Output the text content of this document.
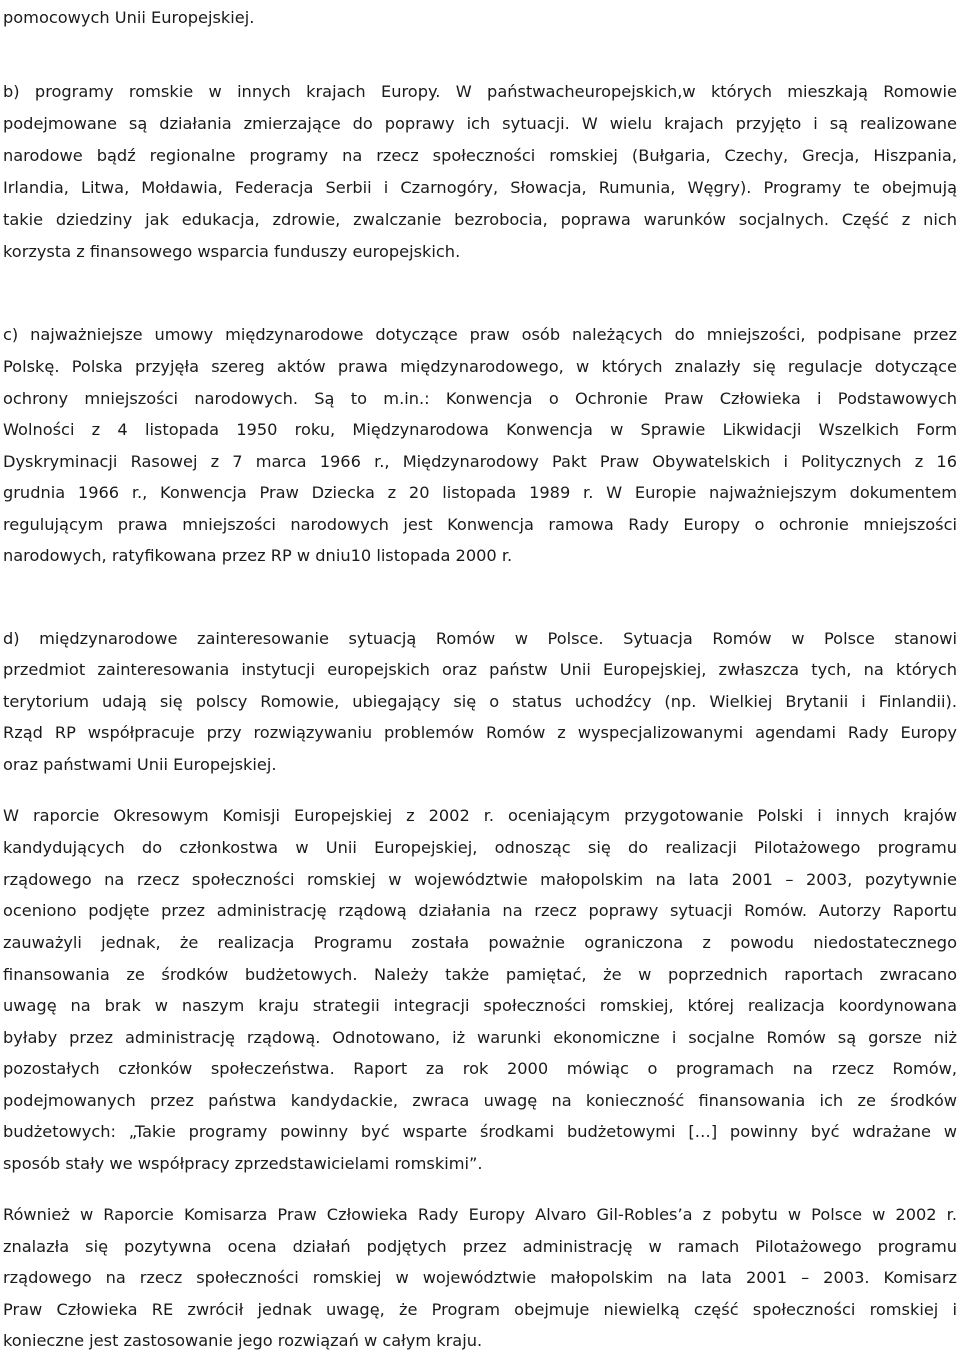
pomocowych Unii Europejskiej.
b) programy romskie w innych krajach Europy. W państwacheuropejskich,w których mieszkają Romowie
podejmowane są działania zmierzające do poprawy ich sytuacji. W wielu krajach przyjęto i są realizowane
narodowe bądź regionalne programy na rzecz społeczności romskiej (Bułgaria, Czechy, Grecja, Hiszpania,
Irlandia, Litwa, Mołdawia, Federacja Serbii i Czarnogóry, Słowacja, Rumunia, Węgry). Programy te obejmują
takie dziedziny jak edukacja, zdrowie, zwalczanie bezrobocia, poprawa warunków socjalnych. Część z nich
korzysta z finansowego wsparcia funduszy europejskich.
c) najważniejsze umowy międzynarodowe dotyczące praw osób należących do mniejszości, podpisane przez
Polskę. Polska przyjęła szereg aktów prawa międzynarodowego, w których znalazły się regulacje dotyczące
ochrony mniejszości narodowych. Są to m.in.: Konwencja o Ochronie Praw Człowieka i Podstawowych
Wolności z 4 listopada 1950 roku, Międzynarodowa Konwencja w Sprawie Likwidacji Wszelkich Form
Dyskryminacji Rasowej z 7 marca 1966 r., Międzynarodowy Pakt Praw Obywatelskich i Politycznych z 16
grudnia 1966 r., Konwencja Praw Dziecka z 20 listopada 1989 r. W Europie najważniejszym dokumentem
regulującym prawa mniejszości narodowych jest Konwencja ramowa Rady Europy o ochronie mniejszości
narodowych, ratyfikowana przez RP w dniu10 listopada 2000 r.
d) międzynarodowe zainteresowanie sytuacją Romów w Polsce. Sytuacja Romów w Polsce stanowi
przedmiot zainteresowania instytucji europejskich oraz państw Unii Europejskiej, zwłaszcza tych, na których
terytorium udają się polscy Romowie, ubiegający się o status uchodźcy (np. Wielkiej Brytanii i Finlandii).
Rząd RP współpracuje przy rozwiązywaniu problemów Romów z wyspecjalizowanymi agendami Rady Europy
oraz państwami Unii Europejskiej.
W raporcie Okresowym Komisji Europejskiej z 2002 r. oceniającym przygotowanie Polski i innych krajów
kandydujących do członkostwa w Unii Europejskiej, odnosząc się do realizacji Pilotażowego programu
rządowego na rzecz społeczności romskiej w województwie małopolskim na lata 2001 – 2003, pozytywnie
oceniono podjęte przez administrację rządową działania na rzecz poprawy sytuacji Romów. Autorzy Raportu
zauważyli jednak, że realizacja Programu została poważnie ograniczona z powodu niedostatecznego
finansowania ze środków budżetowych. Należy także pamiętać, że w poprzednich raportach zwracano
uwagę na brak w naszym kraju strategii integracji społeczności romskiej, której realizacja koordynowana
byłaby przez administrację rządową. Odnotowano, iż warunki ekonomiczne i socjalne Romów są gorsze niż
pozostałych członków społeczeństwa. Raport za rok 2000 mówiąc o programach na rzecz Romów,
podejmowanych przez państwa kandydackie, zwraca uwagę na konieczność finansowania ich ze środków
budżetowych: „Takie programy powinny być wsparte środkami budżetowymi […] powinny być wdrażane w
sposób stały we współpracy zprzedstawicielami romskimi”.
Również w Raporcie Komisarza Praw Człowieka Rady Europy Alvaro Gil-Robles’a z pobytu w Polsce w 2002 r.
znalazła się pozytywna ocena działań podjętych przez administrację w ramach Pilotażowego programu
rządowego na rzecz społeczności romskiej w województwie małopolskim na lata 2001 – 2003. Komisarz
Praw Człowieka RE zwrócił jednak uwagę, że Program obejmuje niewielką część społeczności romskiej i
konieczne jest zastosowanie jego rozwiązań w całym kraju.
